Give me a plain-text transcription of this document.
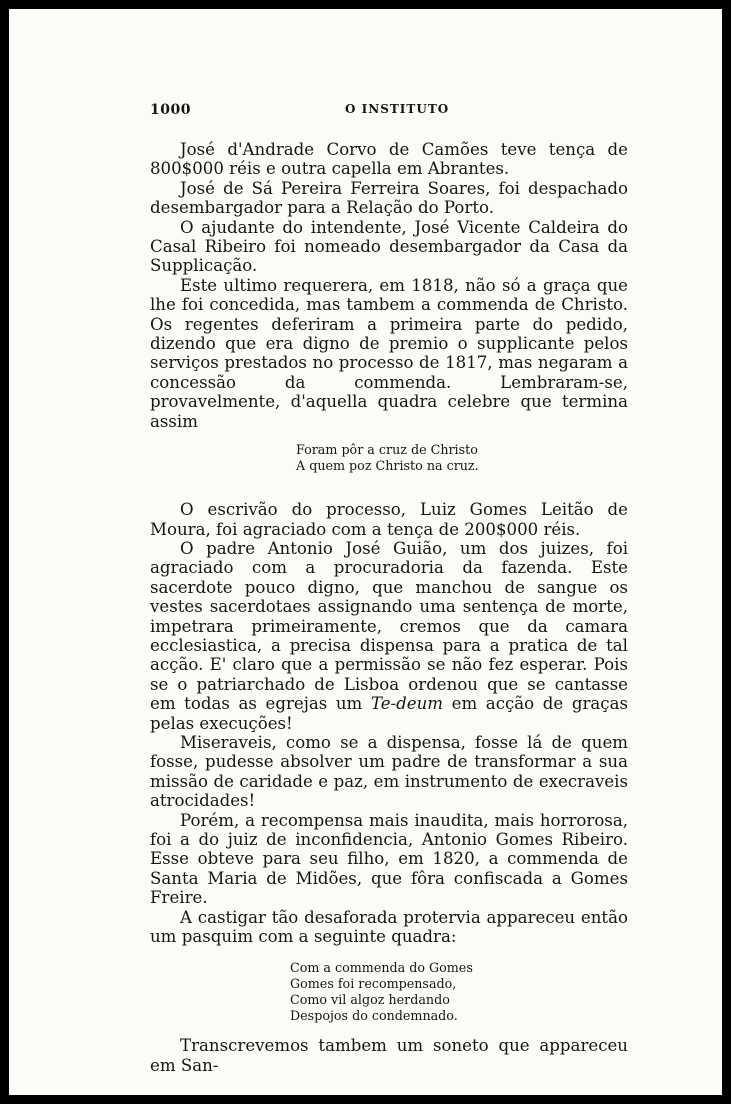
1000	O INSTITUTO

José d'Andrade Corvo de Camões teve tença de 800$000 réis e outra capella em Abrantes.

José de Sá Pereira Ferreira Soares, foi despachado desembargador para a Relação do Porto.

O ajudante do intendente, José Vicente Caldeira do Casal Ribeiro foi nomeado desembargador da Casa da Supplicação.

Este ultimo requerera, em 1818, não só a graça que lhe foi concedida, mas tambem a commenda de Christo. Os regentes deferiram a primeira parte do pedido, dizendo que era digno de premio o supplicante pelos serviços prestados no processo de 1817, mas negaram a concessão da commenda. Lembraram-se, provavelmente, d'aquella quadra celebre que termina assim

Foram pôr a cruz de Christo
A quem poz Christo na cruz.

O escrivão do processo, Luiz Gomes Leitão de Moura, foi agraciado com a tença de 200$000 réis.

O padre Antonio José Guião, um dos juizes, foi agraciado com a procuradoria da fazenda. Este sacerdote pouco digno, que manchou de sangue os vestes sacerdotaes assignando uma sentença de morte, impetrara primeiramente, cremos que da camara ecclesiastica, a precisa dispensa para a pratica de tal acção. E' claro que a permissão se não fez esperar. Pois se o patriarchado de Lisboa ordenou que se cantasse em todas as egrejas um Te-deum em acção de graças pelas execuções!

Miseraveis, como se a dispensa, fosse lá de quem fosse, pudesse absolver um padre de transformar a sua missão de caridade e paz, em instrumento de execraveis atrocidades!

Porém, a recompensa mais inaudita, mais horrorosa, foi a do juiz de inconfidencia, Antonio Gomes Ribeiro. Esse obteve para seu filho, em 1820, a commenda de Santa Maria de Midões, que fôra confiscada a Gomes Freire.

A castigar tão desaforada protervia appareceu então um pasquim com a seguinte quadra:

Com a commenda do Gomes
Gomes foi recompensado,
Como vil algoz herdando
Despojos do condemnado.

Transcrevemos tambem um soneto que appareceu em San-
